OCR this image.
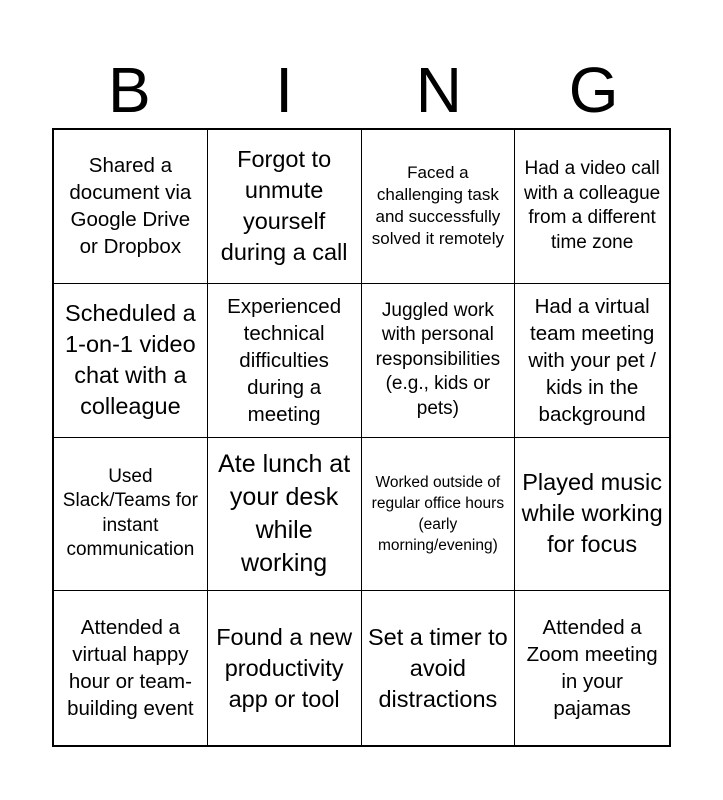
B	I	N	G
Shared a document via Google Drive or Dropbox
Forgot to unmute yourself during a call
Faced a challenging task and successfully solved it remotely
Had a video call with a colleague from a different time zone
Scheduled a 1-on-1 video chat with a colleague
Experienced technical difficulties during a meeting
Juggled work with personal responsibilities (e.g., kids or pets)
Had a virtual team meeting with your pet / kids in the background
Used Slack/Teams for instant communication
Ate lunch at your desk while working
Worked outside of regular office hours (early morning/evening)
Played music while working for focus
Attended a virtual happy hour or team-building event
Found a new productivity app or tool
Set a timer to avoid distractions
Attended a Zoom meeting in your pajamas
